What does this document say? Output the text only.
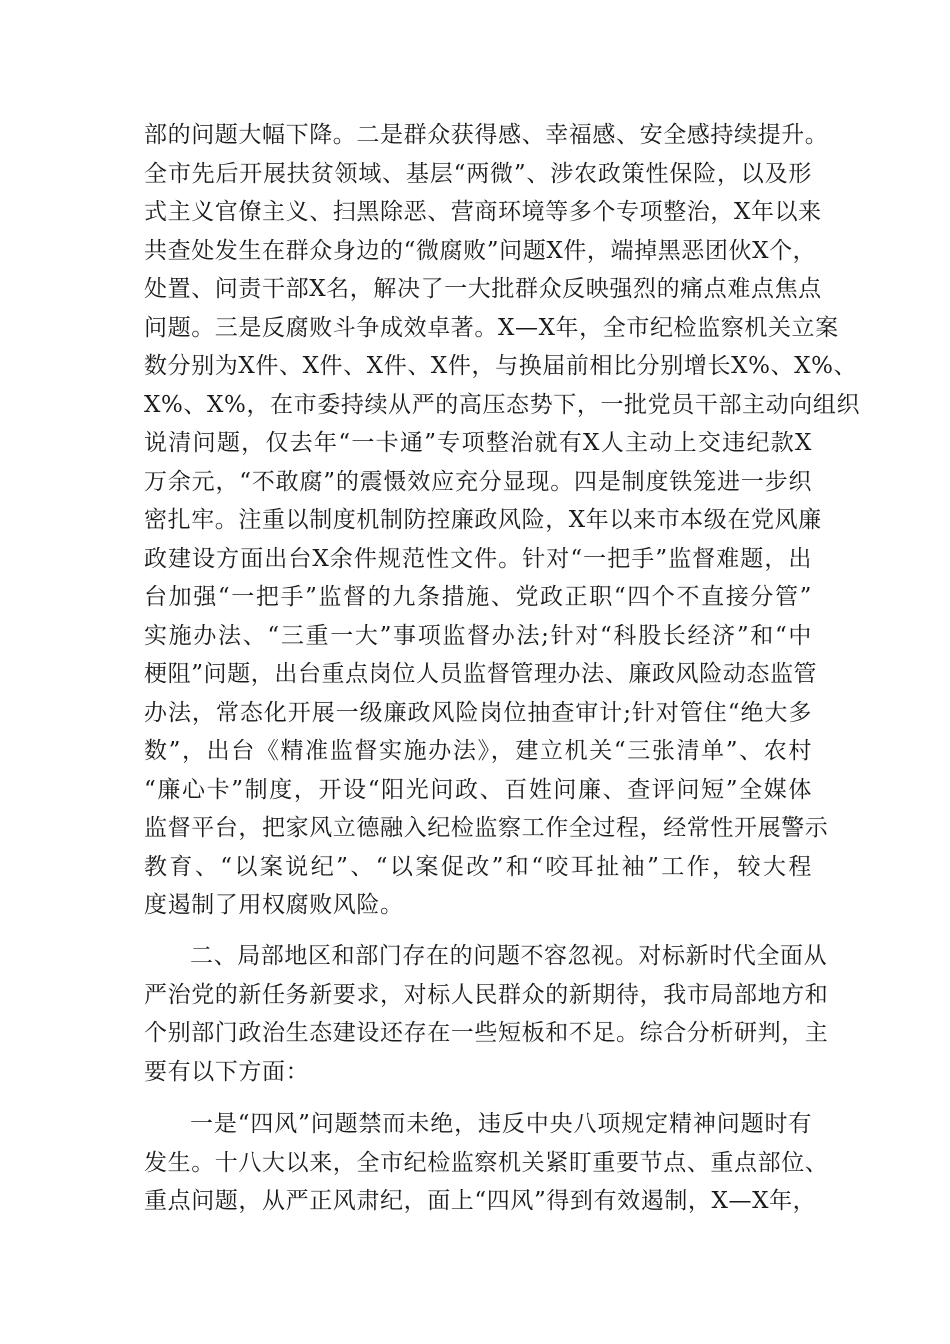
部的问题大幅下降。二是群众获得感、幸福感、安全感持续提升。
全市先后开展扶贫领域、基层“两微”、涉农政策性保险，以及形
式主义官僚主义、扫黑除恶、营商环境等多个专项整治，X年以来
共查处发生在群众身边的“微腐败”问题X件，端掉黑恶团伙X个，
处置、问责干部X名，解决了一大批群众反映强烈的痛点难点焦点
问题。三是反腐败斗争成效卓著。X—X年，全市纪检监察机关立案
数分别为X件、X件、X件、X件，与换届前相比分别增长X%、X%、
X%、X%，在市委持续从严的高压态势下，一批党员干部主动向组织
说清问题，仅去年“一卡通”专项整治就有X人主动上交违纪款X
万余元，“不敢腐”的震慑效应充分显现。四是制度铁笼进一步织
密扎牢。注重以制度机制防控廉政风险，X年以来市本级在党风廉
政建设方面出台X余件规范性文件。针对“一把手”监督难题，出
台加强“一把手”监督的九条措施、党政正职“四个不直接分管”
实施办法、“三重一大”事项监督办法;针对“科股长经济”和“中
梗阻”问题，出台重点岗位人员监督管理办法、廉政风险动态监管
办法，常态化开展一级廉政风险岗位抽查审计;针对管住“绝大多
数”，出台《精准监督实施办法》，建立机关“三张清单”、农村
“廉心卡”制度，开设“阳光问政、百姓问廉、查评问短”全媒体
监督平台，把家风立德融入纪检监察工作全过程，经常性开展警示
教育、“以案说纪”、“以案促改”和“咬耳扯袖”工作，较大程
度遏制了用权腐败风险。
二、局部地区和部门存在的问题不容忽视。对标新时代全面从
严治党的新任务新要求，对标人民群众的新期待，我市局部地方和
个别部门政治生态建设还存在一些短板和不足。综合分析研判，主
要有以下方面：
一是“四风”问题禁而未绝，违反中央八项规定精神问题时有
发生。十八大以来，全市纪检监察机关紧盯重要节点、重点部位、
重点问题，从严正风肃纪，面上“四风”得到有效遏制，X—X年，
